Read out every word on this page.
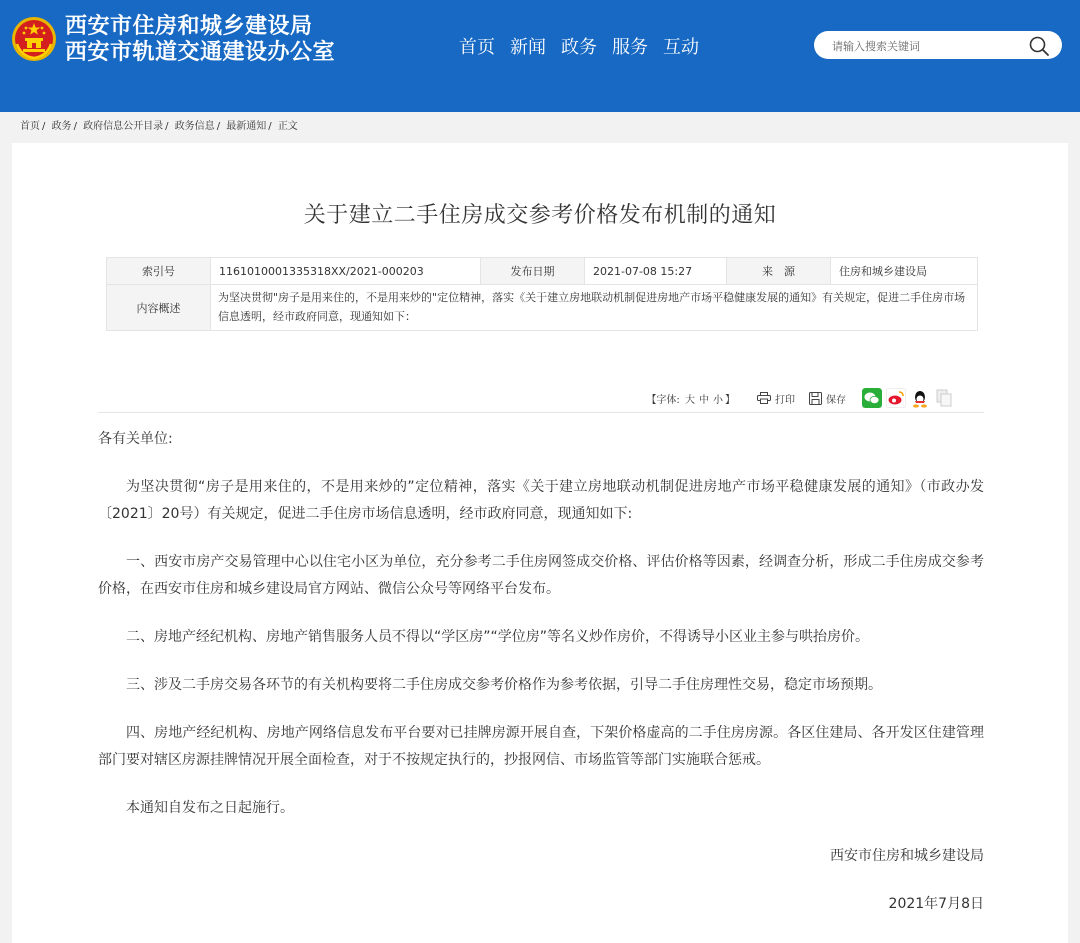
西安市住房和城乡建设局
西安市轨道交通建设办公室	首页 新闻 政务 服务 互动
请输入搜索关键词
首页 / 政务 / 政府信息公开目录 / 政务信息 / 最新通知 / 正文
关于建立二手住房成交参考价格发布机制的通知
索引号	1161010001335318XX/2021-000203	发布日期	2021-07-08 15:27	来　源	住房和城乡建设局
内容概述	为坚决贯彻"房子是用来住的，不是用来炒的"定位精神，落实《关于建立房地联动机制促进房地产市场平稳健康发展的通知》有关规定，促进二手住房市场信息透明，经市政府同意，现通知如下：				
【字体: 大 中 小 】	打印	保存

各有关单位:

为坚决贯彻“房子是用来住的，不是用来炒的”定位精神，落实《关于建立房地联动机制促进房地产市场平稳健康发展的通知》（市政办发〔2021〕20号）有关规定，促进二手住房市场信息透明，经市政府同意，现通知如下:

一、西安市房产交易管理中心以住宅小区为单位，充分参考二手住房网签成交价格、评估价格等因素，经调查分析，形成二手住房成交参考价格，在西安市住房和城乡建设局官方网站、微信公众号等网络平台发布。

二、房地产经纪机构、房地产销售服务人员不得以“学区房”“学位房”等名义炒作房价，不得诱导小区业主参与哄抬房价。

三、涉及二手房交易各环节的有关机构要将二手住房成交参考价格作为参考依据，引导二手住房理性交易，稳定市场预期。

四、房地产经纪机构、房地产网络信息发布平台要对已挂牌房源开展自查，下架价格虚高的二手住房房源。各区住建局、各开发区住建管理部门要对辖区房源挂牌情况开展全面检查，对于不按规定执行的，抄报网信、市场监管等部门实施联合惩戒。

本通知自发布之日起施行。

西安市住房和城乡建设局

2021年7月8日
